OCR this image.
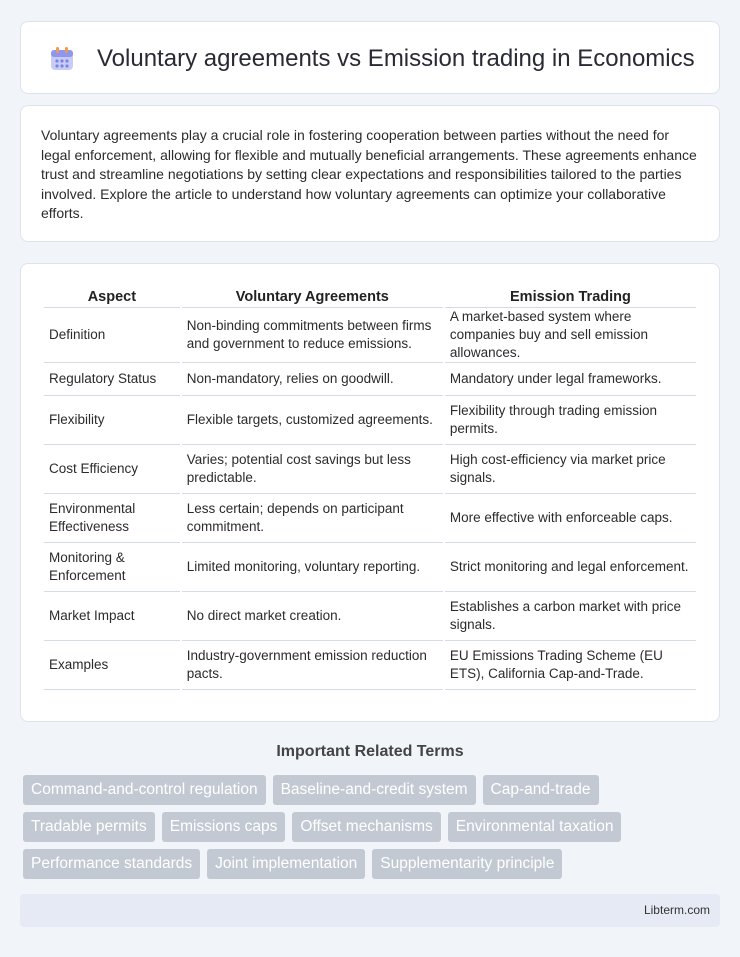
Voluntary agreements vs Emission trading in Economics

Voluntary agreements play a crucial role in fostering cooperation between parties without the need for legal enforcement, allowing for flexible and mutually beneficial arrangements. These agreements enhance trust and streamline negotiations by setting clear expectations and responsibilities tailored to the parties involved. Explore the article to understand how voluntary agreements can optimize your collaborative efforts.

Aspect	Voluntary Agreements	Emission Trading
Definition	Non-binding commitments between firms and government to reduce emissions.	A market-based system where companies buy and sell emission allowances.
Regulatory Status	Non-mandatory, relies on goodwill.	Mandatory under legal frameworks.
Flexibility	Flexible targets, customized agreements.	Flexibility through trading emission permits.
Cost Efficiency	Varies; potential cost savings but less predictable.	High cost-efficiency via market price signals.
Environmental Effectiveness	Less certain; depends on participant commitment.	More effective with enforceable caps.
Monitoring & Enforcement	Limited monitoring, voluntary reporting.	Strict monitoring and legal enforcement.
Market Impact	No direct market creation.	Establishes a carbon market with price signals.
Examples	Industry-government emission reduction pacts.	EU Emissions Trading Scheme (EU ETS), California Cap-and-Trade.
Important Related Terms
Command-and-control regulation	Baseline-and-credit system	Cap-and-trade
Tradable permits	Emissions caps	Offset mechanisms	Environmental taxation
Performance standards	Joint implementation	Supplementarity principle
Libterm.com
